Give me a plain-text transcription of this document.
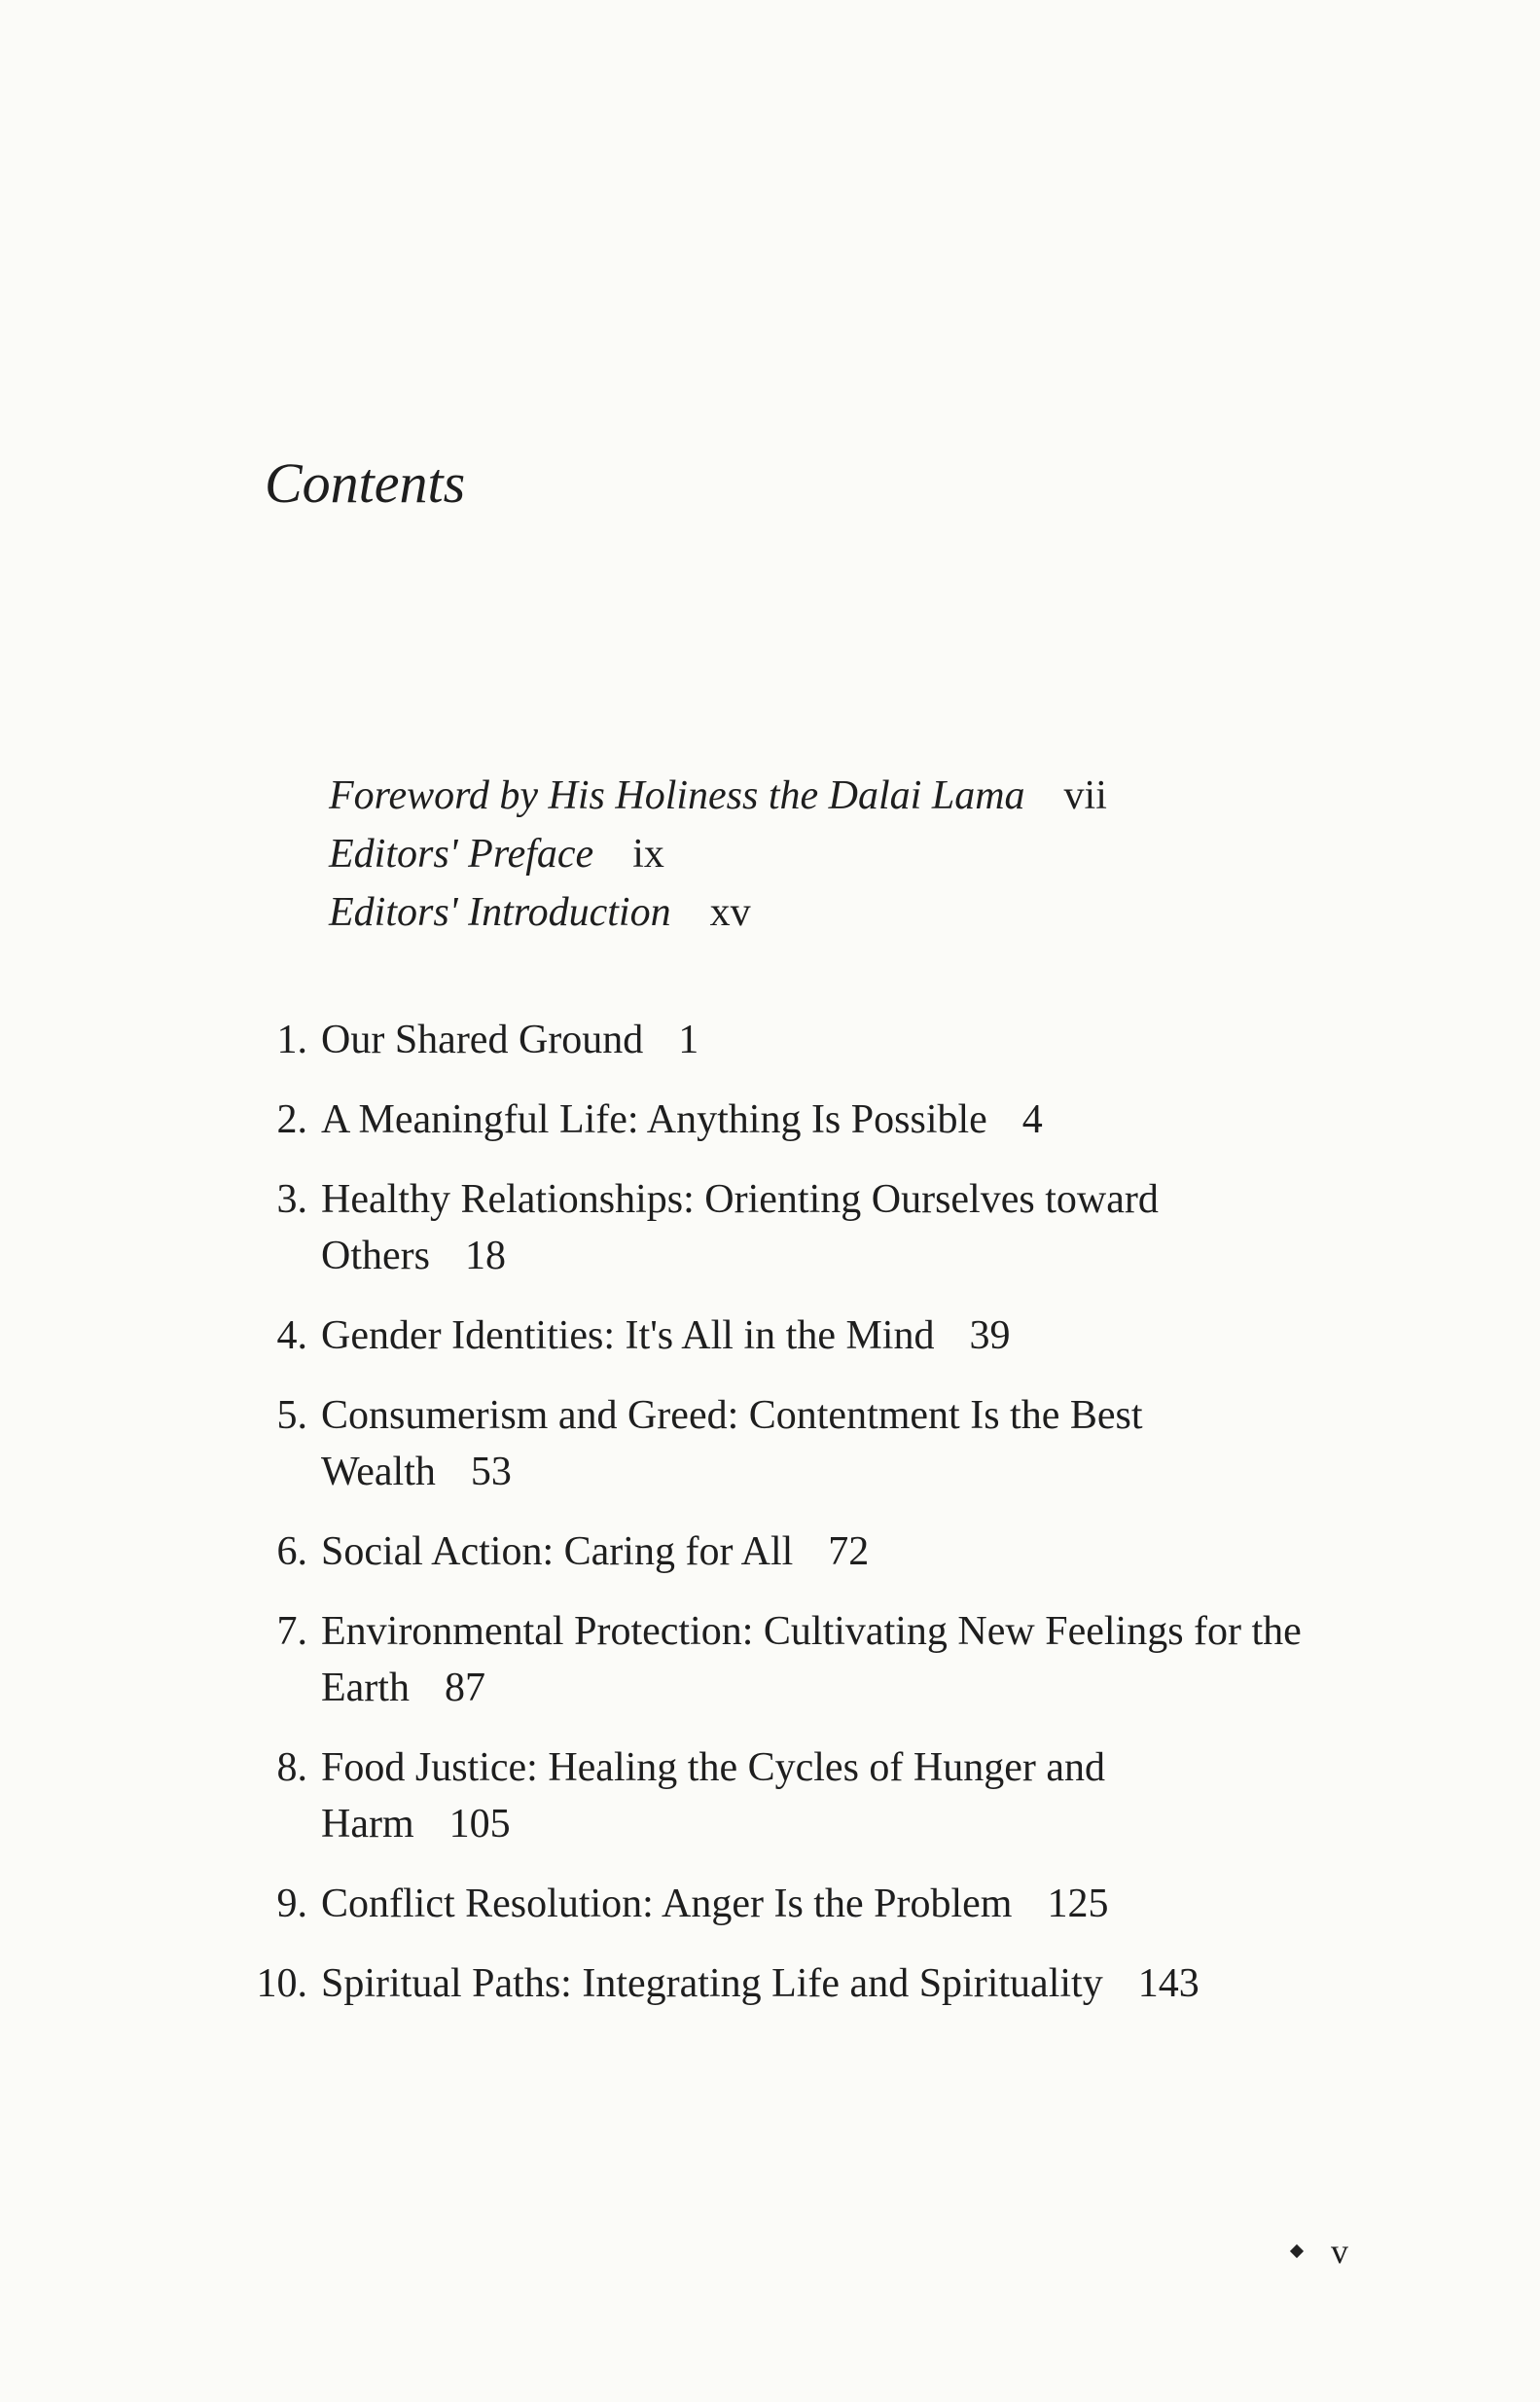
Contents
Foreword by His Holiness the Dalai Lama vii
Editors' Preface ix
Editors' Introduction xv
1. Our Shared Ground 1
2. A Meaningful Life: Anything Is Possible 4
3. Healthy Relationships: Orienting Ourselves toward Others 18
4. Gender Identities: It's All in the Mind 39
5. Consumerism and Greed: Contentment Is the Best Wealth 53
6. Social Action: Caring for All 72
7. Environmental Protection: Cultivating New Feelings for the Earth 87
8. Food Justice: Healing the Cycles of Hunger and Harm 105
9. Conflict Resolution: Anger Is the Problem 125
10. Spiritual Paths: Integrating Life and Spirituality 143
v
